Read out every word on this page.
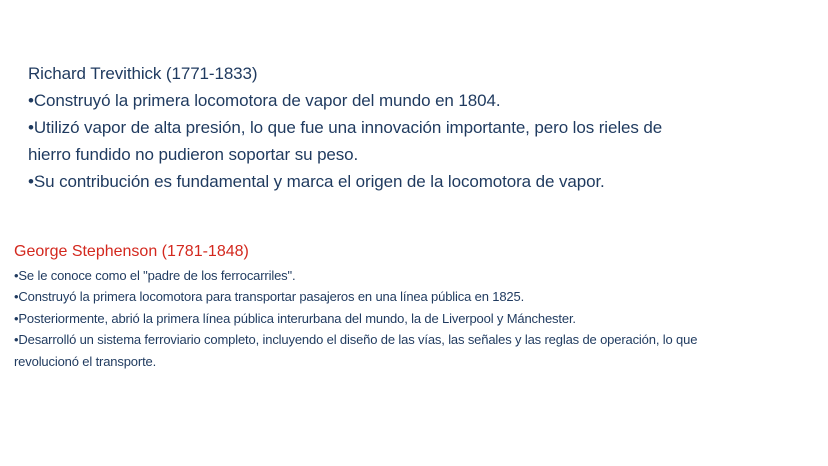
Richard Trevithick (1771-1833)
•Construyó la primera locomotora de vapor del mundo en 1804.
•Utilizó vapor de alta presión, lo que fue una innovación importante, pero los rieles de
hierro fundido no pudieron soportar su peso.
•Su contribución es fundamental y marca el origen de la locomotora de vapor.
George Stephenson (1781-1848)
•Se le conoce como el "padre de los ferrocarriles".
•Construyó la primera locomotora para transportar pasajeros en una línea pública en 1825.
•Posteriormente, abrió la primera línea pública interurbana del mundo, la de Liverpool y Mánchester.
•Desarrolló un sistema ferroviario completo, incluyendo el diseño de las vías, las señales y las reglas de operación, lo que
revolucionó el transporte.
